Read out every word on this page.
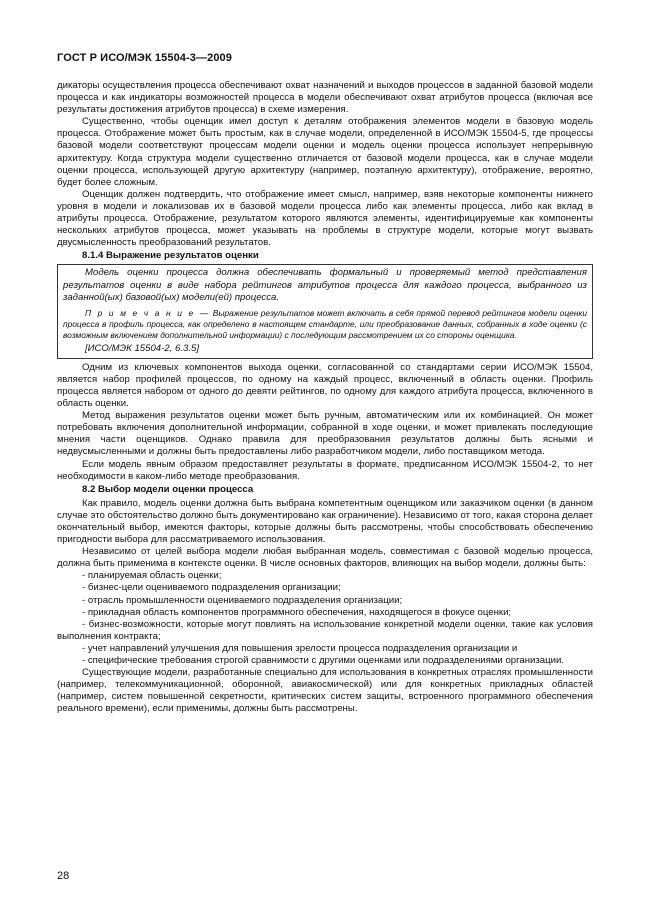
ГОСТ Р ИСО/МЭК 15504-3—2009

дикаторы осуществления процесса обеспечивают охват назначений и выходов процессов в заданной базовой модели процесса и как индикаторы возможностей процесса в модели обеспечивают охват атрибутов процесса (включая все результаты достижения атрибутов процесса) в схеме измерения.

Существенно, чтобы оценщик имел доступ к деталям отображения элементов модели в базовую модель процесса. Отображение может быть простым, как в случае модели, определенной в ИСО/МЭК 15504-5, где процессы базовой модели соответствуют процессам модели оценки и модель оценки процесса использует непрерывную архитектуру. Когда структура модели существенно отличается от базовой модели процесса, как в случае модели оценки процесса, использующей другую архитектуру (например, поэтапную архитектуру), отображение, вероятно, будет более сложным.

Оценщик должен подтвердить, что отображение имеет смысл, например, взяв некоторые компоненты нижнего уровня в модели и локализовав их в базовой модели процесса либо как элементы процесса, либо как вклад в атрибуты процесса. Отображение, результатом которого являются элементы, идентифицируемые как компоненты нескольких атрибутов процесса, может указывать на проблемы в структуре модели, которые могут вызвать двусмысленность преобразований результатов.

8.1.4 Выражение результатов оценки

Модель оценки процесса должна обеспечивать формальный и проверяемый метод представления результатов оценки в виде набора рейтингов атрибутов процесса для каждого процесса, выбранного из заданной(ых) базовой(ых) модели(ей) процесса.

П р и м е ч а н и е — Выражение результатов может включать в себя прямой перевод рейтингов модели оценки процесса в профиль процесса, как определено в настоящем стандарте, или преобразование данных, собранных в ходе оценки (с возможным включением дополнительной информации) с последующим рассмотрением их со стороны оценщика.

[ИСО/МЭК 15504-2, 6.3.5]

Одним из ключевых компонентов выхода оценки, согласованной со стандартами серии ИСО/МЭК 15504, является набор профилей процессов, по одному на каждый процесс, включенный в область оценки. Профиль процесса является набором от одного до девяти рейтингов, по одному для каждого атрибута процесса, включенного в область оценки.

Метод выражения результатов оценки может быть ручным, автоматическим или их комбинацией. Он может потребовать включения дополнительной информации, собранной в ходе оценки, и может привлекать последующие мнения части оценщиков. Однако правила для преобразования результатов должны быть ясными и недвусмысленными и должны быть предоставлены либо разработчиком модели, либо поставщиком метода.

Если модель явным образом предоставляет результаты в формате, предписанном ИСО/МЭК 15504-2, то нет необходимости в каком-либо методе преобразования.

8.2 Выбор модели оценки процесса

Как правило, модель оценки должна быть выбрана компетентным оценщиком или заказчиком оценки (в данном случае это обстоятельство должно быть документировано как ограничение). Независимо от того, какая сторона делает окончательный выбор, имеются факторы, которые должны быть рассмотрены, чтобы способствовать обеспечению пригодности выбора для рассматриваемого использования.

Независимо от целей выбора модели любая выбранная модель, совместимая с базовой моделью процесса, должна быть применима в контексте оценки. В числе основных факторов, влияющих на выбор модели, должны быть:

- планируемая область оценки;

- бизнес-цели оцениваемого подразделения организации;

- отрасль промышленности оцениваемого подразделения организации;

- прикладная область компонентов программного обеспечения, находящегося в фокусе оценки;

- бизнес-возможности, которые могут повлиять на использование конкретной модели оценки, такие как условия выполнения контракта;

- учет направлений улучшения для повышения зрелости процесса подразделения организации и

- специфические требования строгой сравнимости с другими оценками или подразделениями организации.

Существующие модели, разработанные специально для использования в конкретных отраслях промышленности (например, телекоммуникационной, оборонной, авиакосмической) или для конкретных прикладных областей (например, систем повышенной секретности, критических систем защиты, встроенного программного обеспечения реального времени), если применимы, должны быть рассмотрены.

28
